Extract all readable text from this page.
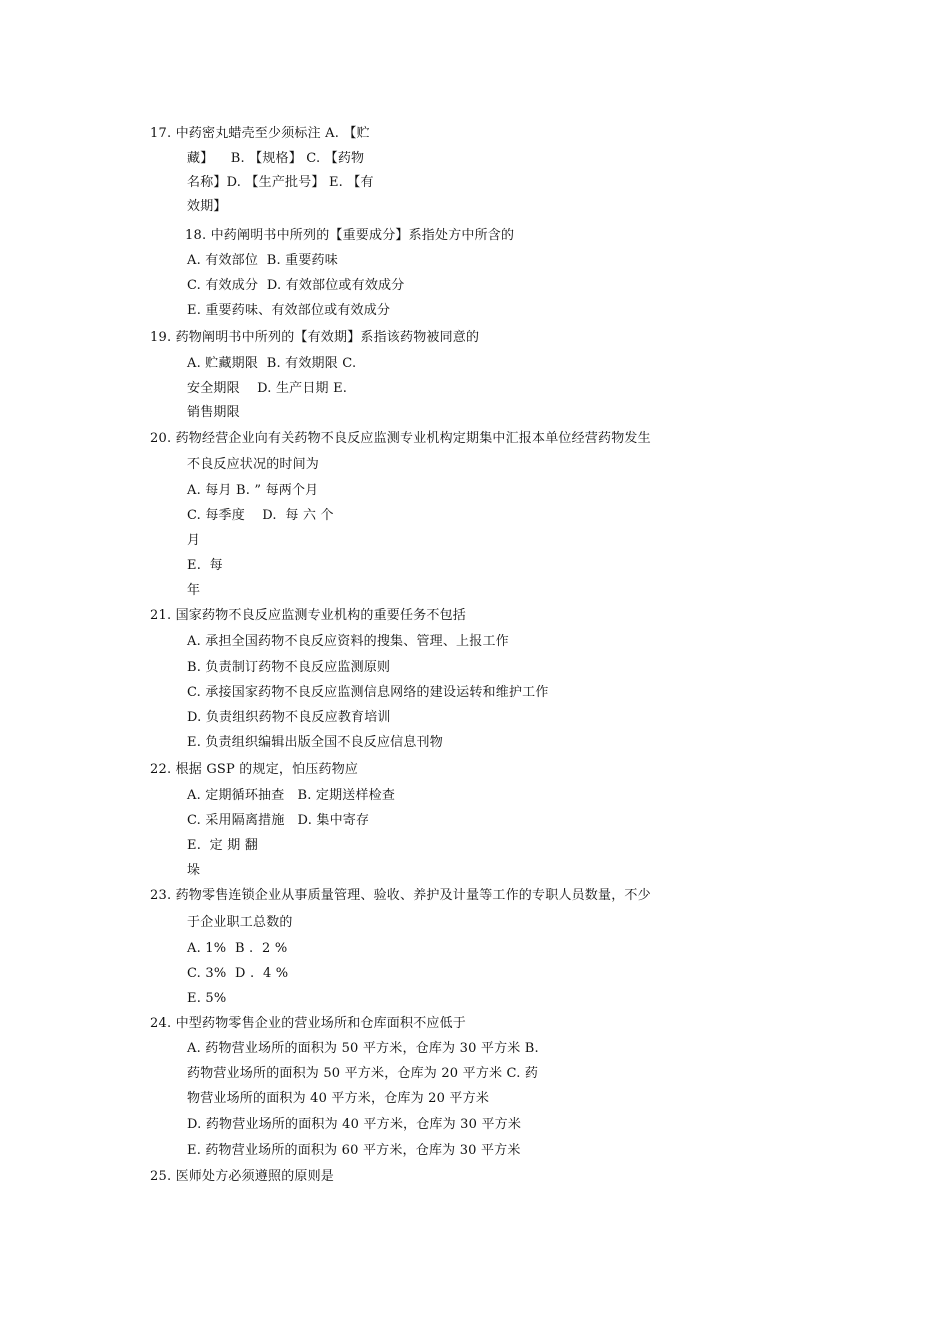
17. 中药密丸蜡壳至少须标注 A. 【贮
藏】    B. 【规格】 C. 【药物
名称】D. 【生产批号】 E. 【有
效期】
18. 中药阐明书中所列的【重要成分】系指处方中所含的
A. 有效部位  B. 重要药味
C. 有效成分  D. 有效部位或有效成分
E. 重要药味、有效部位或有效成分
19. 药物阐明书中所列的【有效期】系指该药物被同意的
A. 贮藏期限  B. 有效期限 C.
安全期限    D. 生产日期 E.
销售期限
20. 药物经营企业向有关药物不良反应监测专业机构定期集中汇报本单位经营药物发生
不良反应状况的时间为
A. 每月 B. ” 每两个月
C. 每季度    D.  每 六 个
月
E.  每
年
21. 国家药物不良反应监测专业机构的重要任务不包括
A. 承担全国药物不良反应资料的搜集、管理、上报工作
B. 负责制订药物不良反应监测原则
C. 承接国家药物不良反应监测信息网络的建设运转和维护工作
D. 负责组织药物不良反应教育培训
E. 负责组织编辑出版全国不良反应信息刊物
22. 根据 GSP 的规定，怕压药物应
A. 定期循环抽查   B. 定期送样检查
C. 采用隔离措施   D. 集中寄存
E.  定 期 翻
垛
23. 药物零售连锁企业从事质量管理、验收、养护及计量等工作的专职人员数量，不少
于企业职工总数的
A. 1%  B .  2 %
C. 3%  D .  4 %
E. 5%
24. 中型药物零售企业的营业场所和仓库面积不应低于
A. 药物营业场所的面积为 50 平方米，仓库为 30 平方米 B.
药物营业场所的面积为 50 平方米，仓库为 20 平方米 C. 药
物营业场所的面积为 40 平方米，仓库为 20 平方米
D. 药物营业场所的面积为 40 平方米，仓库为 30 平方米
E. 药物营业场所的面积为 60 平方米，仓库为 30 平方米
25. 医师处方必须遵照的原则是
